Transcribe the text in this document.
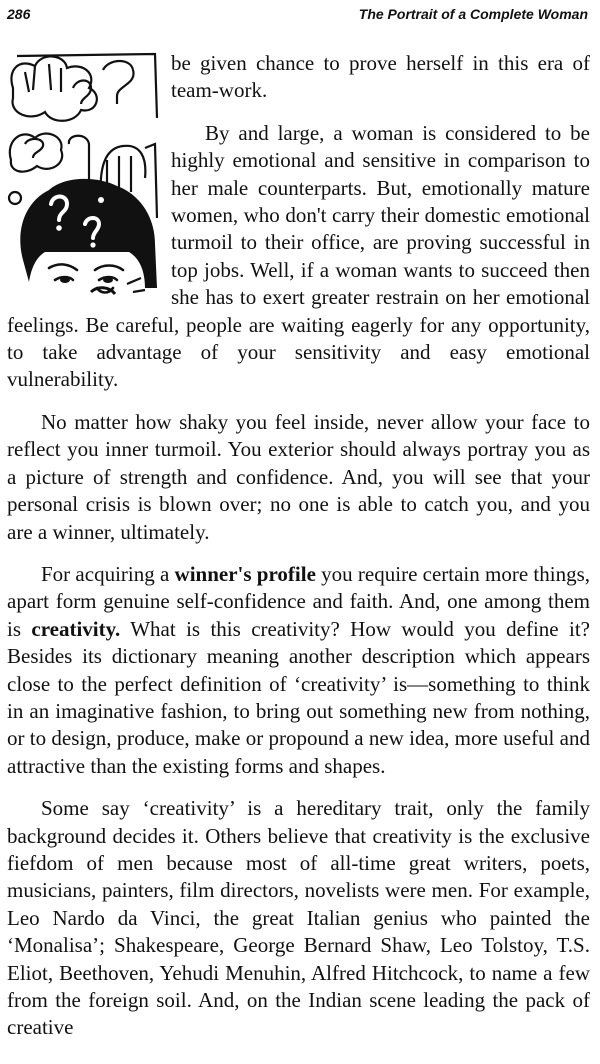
286	The Portrait of a Complete Woman

be given chance to prove herself in this era of team-work.

By and large, a woman is considered to be highly emotional and sensitive in comparison to her male counterparts. But, emotionally mature women, who don't carry their domestic emotional turmoil to their office, are proving successful in top jobs. Well, if a woman wants to succeed then she has to exert greater restrain on her emotional feelings. Be careful, people are waiting eagerly for any opportunity, to take advantage of your sensitivity and easy emotional vulnerability.

No matter how shaky you feel inside, never allow your face to reflect you inner turmoil. You exterior should always portray you as a picture of strength and confidence. And, you will see that your personal crisis is blown over; no one is able to catch you, and you are a winner, ultimately.

For acquiring a winner's profile you require certain more things, apart form genuine self-confidence and faith. And, one among them is creativity. What is this creativity? How would you define it? Besides its dictionary meaning another description which appears close to the perfect definition of ‘creativity’ is—something to think in an imaginative fashion, to bring out something new from nothing, or to design, produce, make or propound a new idea, more useful and attractive than the existing forms and shapes.

Some say ‘creativity’ is a hereditary trait, only the family background decides it. Others believe that creativity is the exclusive fiefdom of men because most of all-time great writers, poets, musicians, painters, film directors, novelists were men. For example, Leo Nardo da Vinci, the great Italian genius who painted the ‘Monalisa’; Shakespeare, George Bernard Shaw, Leo Tolstoy, T.S. Eliot, Beethoven, Yehudi Menuhin, Alfred Hitchcock, to name a few from the foreign soil. And, on the Indian scene leading the pack of creative
